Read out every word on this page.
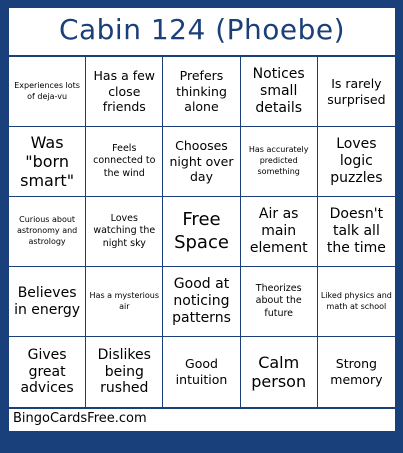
Cabin 124 (Phoebe)
Experiences lots of deja-vu
Has a few close friends
Prefers thinking alone
Notices small details
Is rarely surprised
Was "born smart"
Feels connected to the wind
Chooses night over day
Has accurately predicted something
Loves logic puzzles
Curious about astronomy and astrology
Loves watching the night sky
Free Space
Air as main element
Doesn't talk all the time
Believes in energy
Has a mysterious air
Good at noticing patterns
Theorizes about the future
Liked physics and math at school
Gives great advices
Dislikes being rushed
Good intuition
Calm person
Strong memory
BingoCardsFree.com
